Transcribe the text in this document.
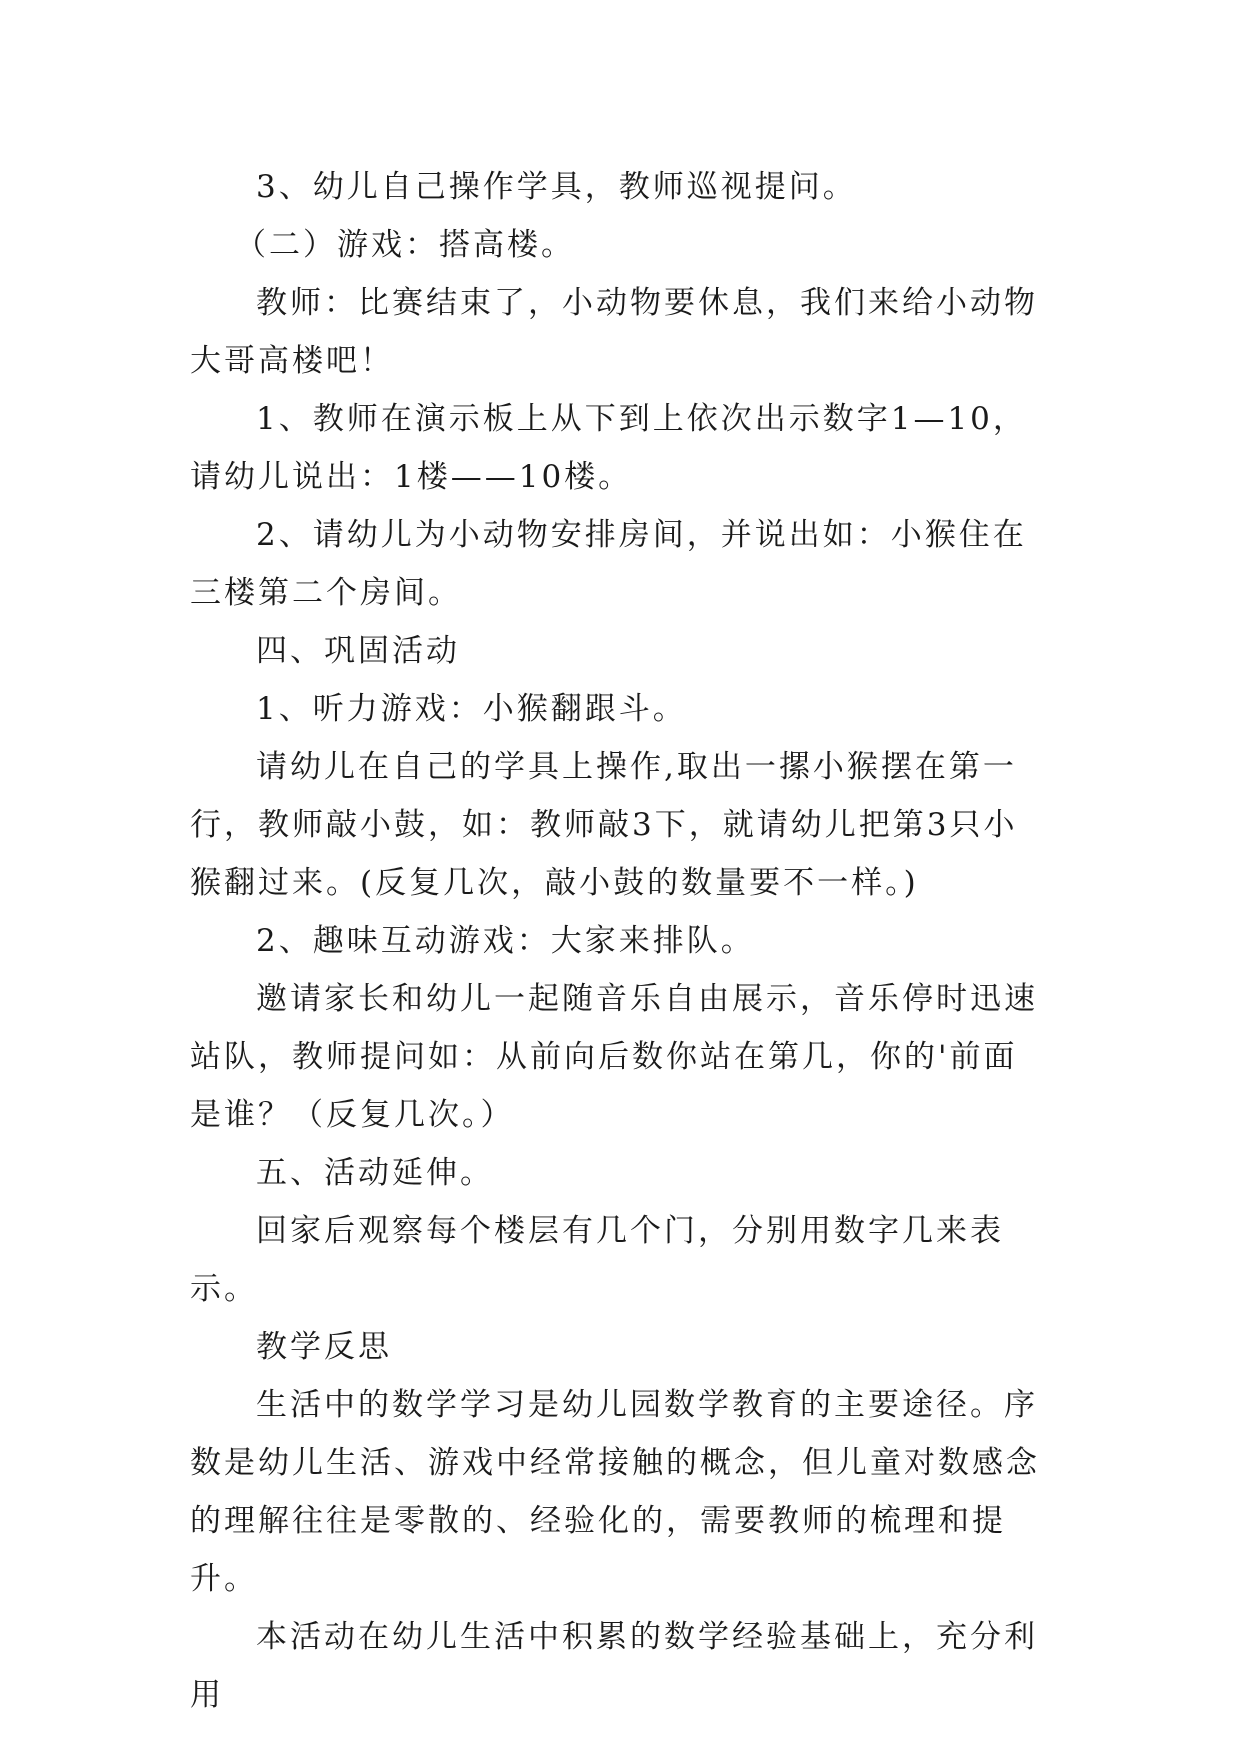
3、幼儿自己操作学具，教师巡视提问。

（二）游戏：搭高楼。

教师：比赛结束了，小动物要休息，我们来给小动物大哥高楼吧！

1、教师在演示板上从下到上依次出示数字1—10，请幼儿说出：1楼——10楼。

2、请幼儿为小动物安排房间，并说出如：小猴住在三楼第二个房间。

四、巩固活动

1、听力游戏：小猴翻跟斗。

请幼儿在自己的学具上操作,取出一摞小猴摆在第一行，教师敲小鼓，如：教师敲3下，就请幼儿把第3只小猴翻过来。(反复几次，敲小鼓的数量要不一样。)

2、趣味互动游戏：大家来排队。

邀请家长和幼儿一起随音乐自由展示，音乐停时迅速站队，教师提问如：从前向后数你站在第几，你的'前面是谁？（反复几次。）

五、活动延伸。

回家后观察每个楼层有几个门，分别用数字几来表示。

教学反思

生活中的数学学习是幼儿园数学教育的主要途径。序数是幼儿生活、游戏中经常接触的概念，但儿童对数感念的理解往往是零散的、经验化的，需要教师的梳理和提升。

本活动在幼儿生活中积累的数学经验基础上，充分利用
